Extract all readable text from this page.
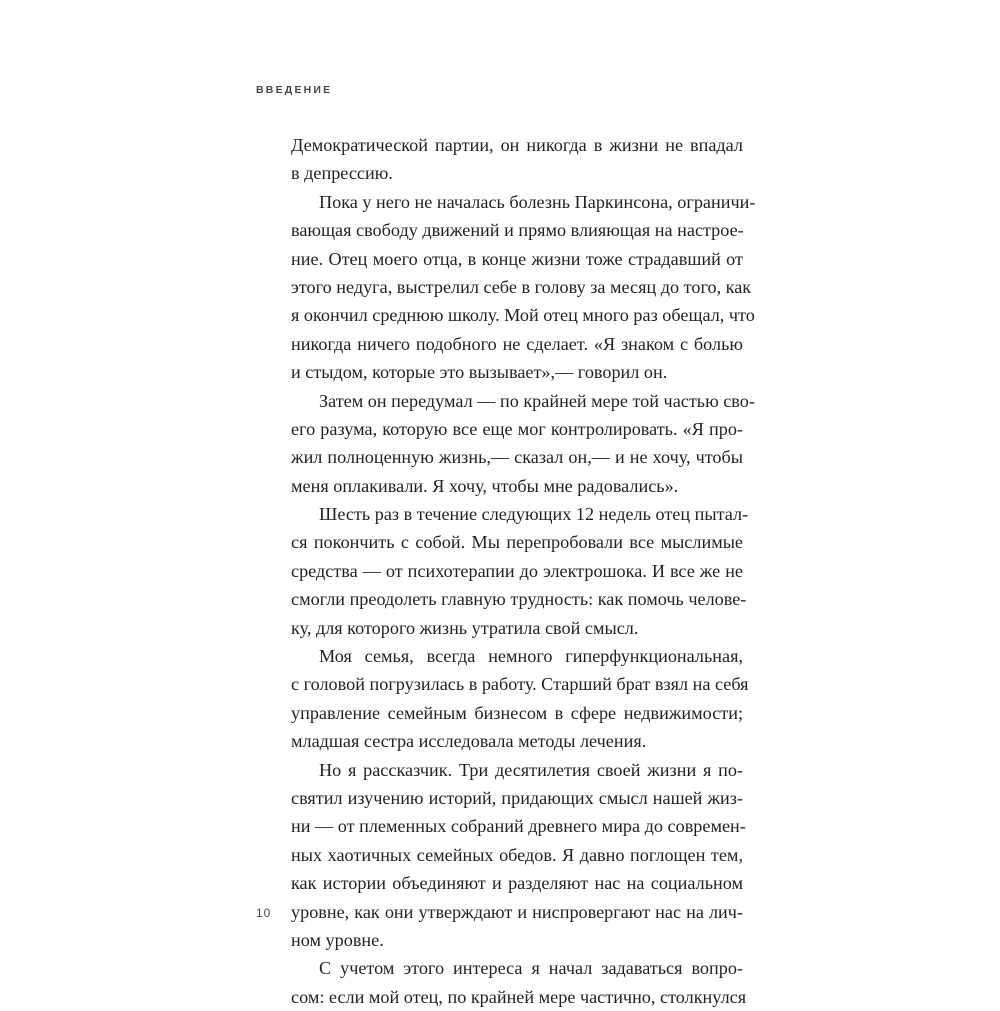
ВВЕДЕНИЕ
Демократической партии, он никогда в жизни не впадал
в депрессию.
Пока у него не началась болезнь Паркинсона, ограничи-
вающая свободу движений и прямо влияющая на настрое-
ние. Отец моего отца, в конце жизни тоже страдавший от
этого недуга, выстрелил себе в голову за месяц до того, как
я окончил среднюю школу. Мой отец много раз обещал, что
никогда ничего подобного не сделает. «Я знаком с болью
и стыдом, которые это вызывает»,— говорил он.
Затем он передумал — по крайней мере той частью сво-
его разума, которую все еще мог контролировать. «Я про-
жил полноценную жизнь,— сказал он,— и не хочу, чтобы
меня оплакивали. Я хочу, чтобы мне радовались».
Шесть раз в течение следующих 12 недель отец пытал-
ся покончить с собой. Мы перепробовали все мыслимые
средства — от психотерапии до электрошока. И все же не
смогли преодолеть главную трудность: как помочь челове-
ку, для которого жизнь утратила свой смысл.
Моя семья, всегда немного гиперфункциональная,
с головой погрузилась в работу. Старший брат взял на себя
управление семейным бизнесом в сфере недвижимости;
младшая сестра исследовала методы лечения.
Но я рассказчик. Три десятилетия своей жизни я по-
святил изучению историй, придающих смысл нашей жиз-
ни — от племенных собраний древнего мира до современ-
ных хаотичных семейных обедов. Я давно поглощен тем,
как истории объединяют и разделяют нас на социальном
уровне, как они утверждают и ниспровергают нас на лич-
ном уровне.
С учетом этого интереса я начал задаваться вопро-
сом: если мой отец, по крайней мере частично, столкнулся
10
